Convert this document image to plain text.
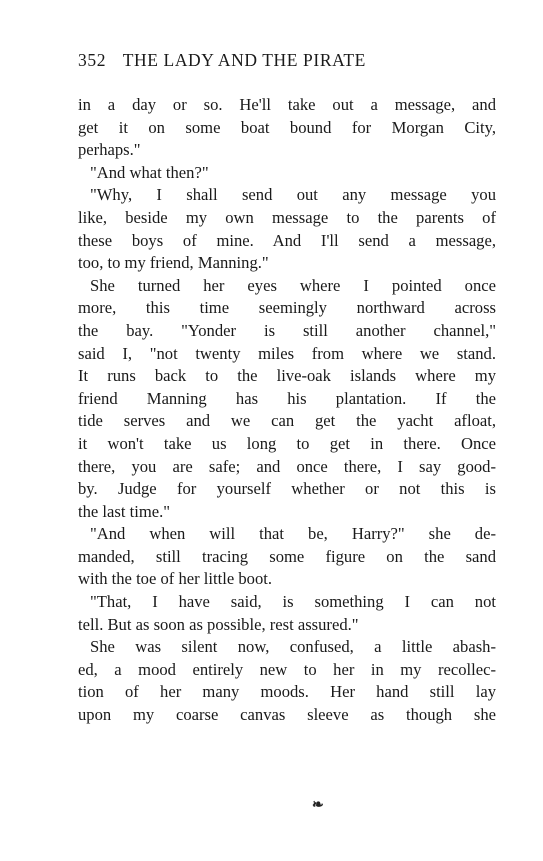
352 THE LADY AND THE PIRATE
in a day or so. He'll take out a message, and
get it on some boat bound for Morgan City,
perhaps."
"And what then?"
"Why, I shall send out any message you
like, beside my own message to the parents of
these boys of mine. And I'll send a message,
too, to my friend, Manning."
She turned her eyes where I pointed once
more, this time seemingly northward across
the bay. "Yonder is still another channel,"
said I, "not twenty miles from where we stand.
It runs back to the live-oak islands where my
friend Manning has his plantation. If the
tide serves and we can get the yacht afloat,
it won't take us long to get in there. Once
there, you are safe; and once there, I say good-
by. Judge for yourself whether or not this is
the last time."
"And when will that be, Harry?" she de-
manded, still tracing some figure on the sand
with the toe of her little boot.
"That, I have said, is something I can not
tell. But as soon as possible, rest assured."
She was silent now, confused, a little abash-
ed, a mood entirely new to her in my recollec-
tion of her many moods. Her hand still lay
upon my coarse canvas sleeve as though she
❧
